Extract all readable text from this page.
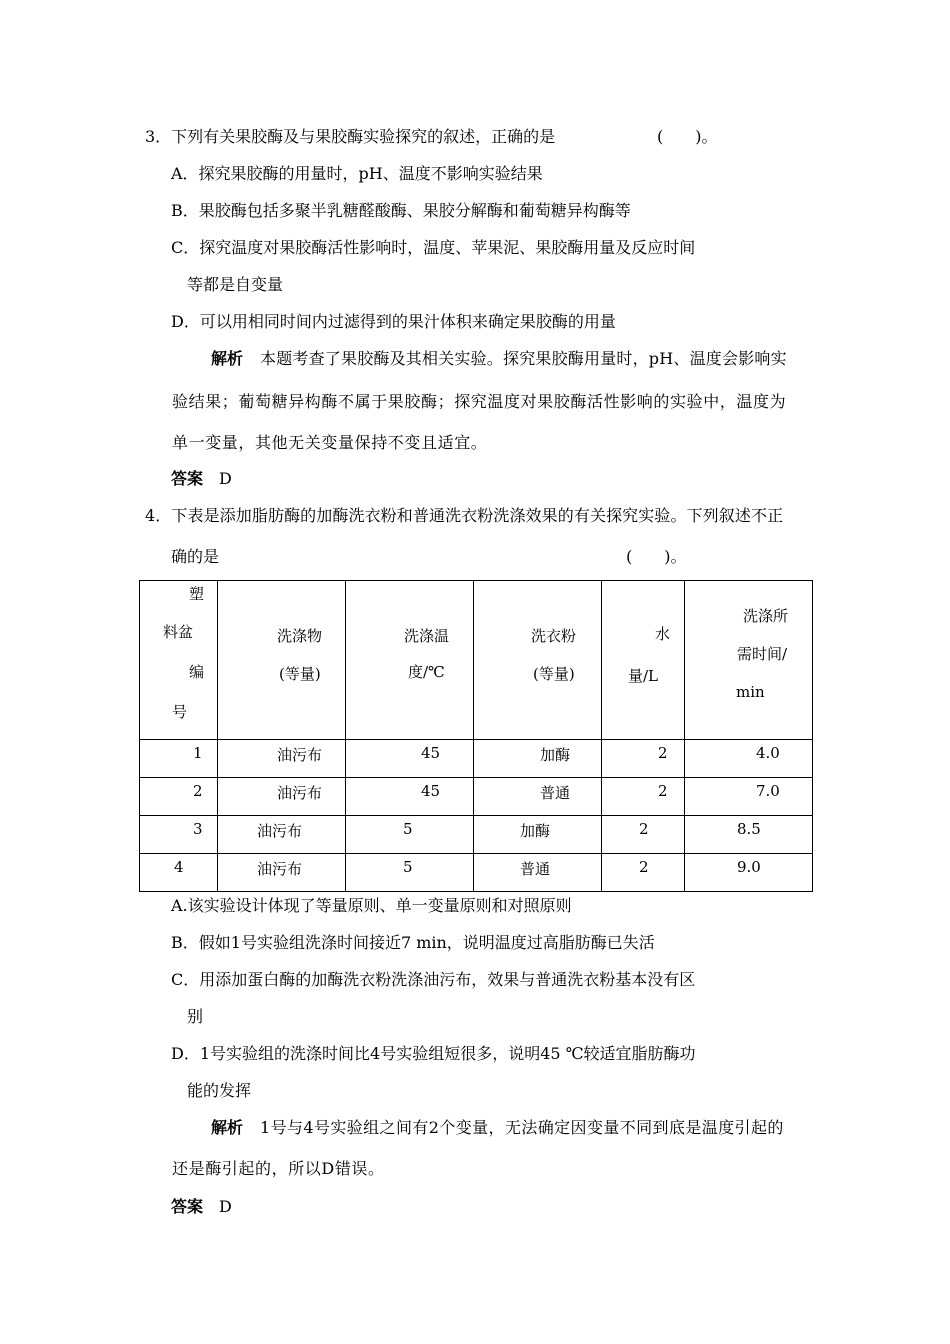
3．下列有关果胶酶及与果胶酶实验探究的叙述，正确的是	(　　)。
A．探究果胶酶的用量时，pH、温度不影响实验结果
B．果胶酶包括多聚半乳糖醛酸酶、果胶分解酶和葡萄糖异构酶等
C．探究温度对果胶酶活性影响时，温度、苹果泥、果胶酶用量及反应时间
等都是自变量
D．可以用相同时间内过滤得到的果汁体积来确定果胶酶的用量
解析 本题考查了果胶酶及其相关实验。探究果胶酶用量时，pH、温度会影响实
验结果；葡萄糖异构酶不属于果胶酶；探究温度对果胶酶活性影响的实验中，温度为
单一变量，其他无关变量保持不变且适宜。
答案 D
4．下表是添加脂肪酶的加酶洗衣粉和普通洗衣粉洗涤效果的有关探究实验。下列叙述不正
确的是	(　　)。
塑
料盆
编
号	洗涤物
(等量)	洗涤温
度/℃	洗衣粉
(等量)	水
量/L	洗涤所
需时间/
min

1	油污布	45	加酶	2	4.0

2	油污布	45	普通	2	7.0

3	油污布	5	加酶	2	8.5

4	油污布	5	普通	2	9.0
A.该实验设计体现了等量原则、单一变量原则和对照原则
B．假如1号实验组洗涤时间接近7 min，说明温度过高脂肪酶已失活
C．用添加蛋白酶的加酶洗衣粉洗涤油污布，效果与普通洗衣粉基本没有区
别
D．1号实验组的洗涤时间比4号实验组短很多，说明45 ℃较适宜脂肪酶功
能的发挥
解析 1号与4号实验组之间有2个变量，无法确定因变量不同到底是温度引起的
还是酶引起的，所以D错误。
答案 D
